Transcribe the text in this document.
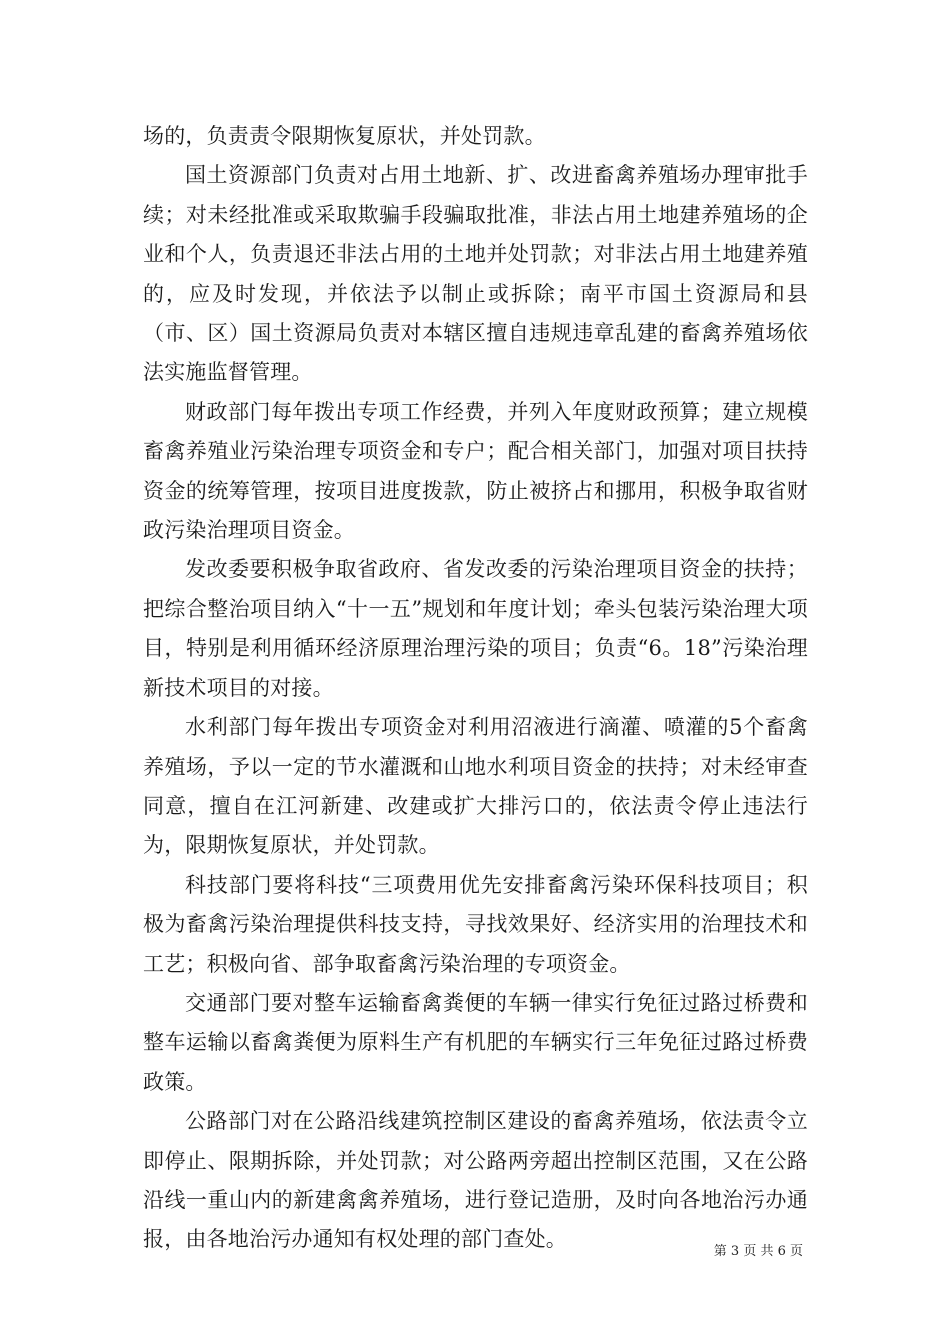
场的，负责责令限期恢复原状，并处罚款。

国土资源部门负责对占用土地新、扩、改进畜禽养殖场办理审批手续；对未经批准或采取欺骗手段骗取批准，非法占用土地建养殖场的企业和个人，负责退还非法占用的土地并处罚款；对非法占用土地建养殖的，应及时发现，并依法予以制止或拆除；南平市国土资源局和县（市、区）国土资源局负责对本辖区擅自违规违章乱建的畜禽养殖场依法实施监督管理。

财政部门每年拨出专项工作经费，并列入年度财政预算；建立规模畜禽养殖业污染治理专项资金和专户；配合相关部门，加强对项目扶持资金的统筹管理，按项目进度拨款，防止被挤占和挪用，积极争取省财政污染治理项目资金。

发改委要积极争取省政府、省发改委的污染治理项目资金的扶持；把综合整治项目纳入“十一五”规划和年度计划；牵头包装污染治理大项目，特别是利用循环经济原理治理污染的项目；负责“6。18”污染治理新技术项目的对接。

水利部门每年拨出专项资金对利用沼液进行滴灌、喷灌的5个畜禽养殖场，予以一定的节水灌溉和山地水利项目资金的扶持；对未经审查同意，擅自在江河新建、改建或扩大排污口的，依法责令停止违法行为，限期恢复原状，并处罚款。

科技部门要将科技“三项费用优先安排畜禽污染环保科技项目；积极为畜禽污染治理提供科技支持，寻找效果好、经济实用的治理技术和工艺；积极向省、部争取畜禽污染治理的专项资金。

交通部门要对整车运输畜禽粪便的车辆一律实行免征过路过桥费和整车运输以畜禽粪便为原料生产有机肥的车辆实行三年免征过路过桥费政策。

公路部门对在公路沿线建筑控制区建设的畜禽养殖场，依法责令立即停止、限期拆除，并处罚款；对公路两旁超出控制区范围，又在公路沿线一重山内的新建禽禽养殖场，进行登记造册，及时向各地治污办通报，由各地治污办通知有权处理的部门查处。

第 3 页 共 6 页
